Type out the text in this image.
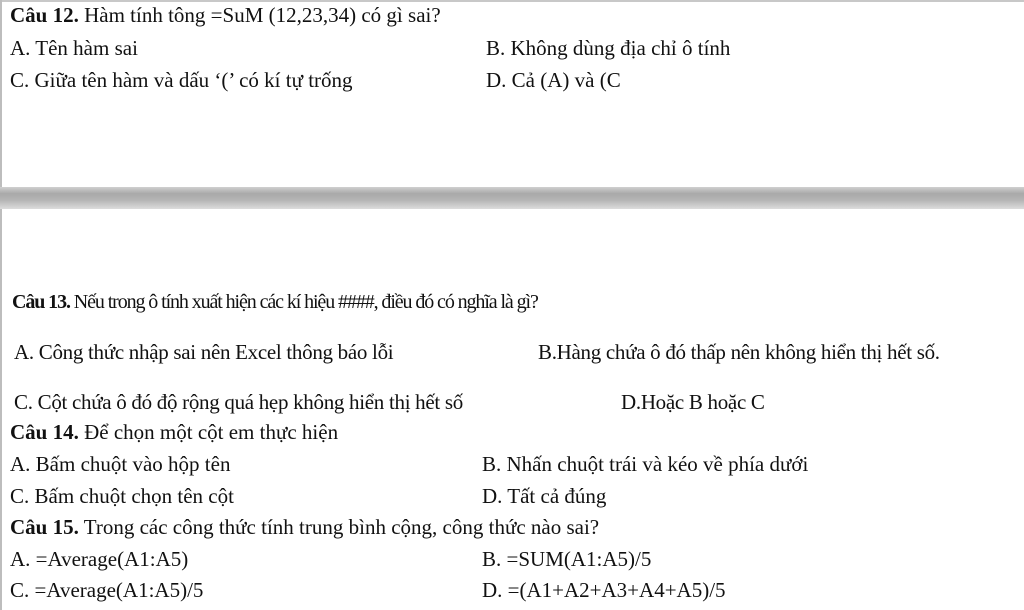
Câu 12. Hàm tính tông =SuM (12,23,34) có gì sai?
A. Tên hàm sai	B. Không dùng địa chỉ ô tính
C. Giữa tên hàm và dấu ‘(’ có kí tự trống	D. Cả (A) và (C
Câu 13. Nếu trong ô tính xuất hiện các kí hiệu ####, điều đó có nghĩa là gì?
A. Công thức nhập sai nên Excel thông báo lỗi	B.Hàng chứa ô đó thấp nên không hiển thị hết số.
C. Cột chứa ô đó độ rộng quá hẹp không hiển thị hết số	D.Hoặc B hoặc C
Câu 14. Để chọn một cột em thực hiện
A. Bấm chuột vào hộp tên	B. Nhấn chuột trái và kéo về phía dưới
C. Bấm chuột chọn tên cột	D. Tất cả đúng
Câu 15. Trong các công thức tính trung bình cộng, công thức nào sai?
A. =Average(A1:A5)	B. =SUM(A1:A5)/5
C. =Average(A1:A5)/5	D. =(A1+A2+A3+A4+A5)/5
